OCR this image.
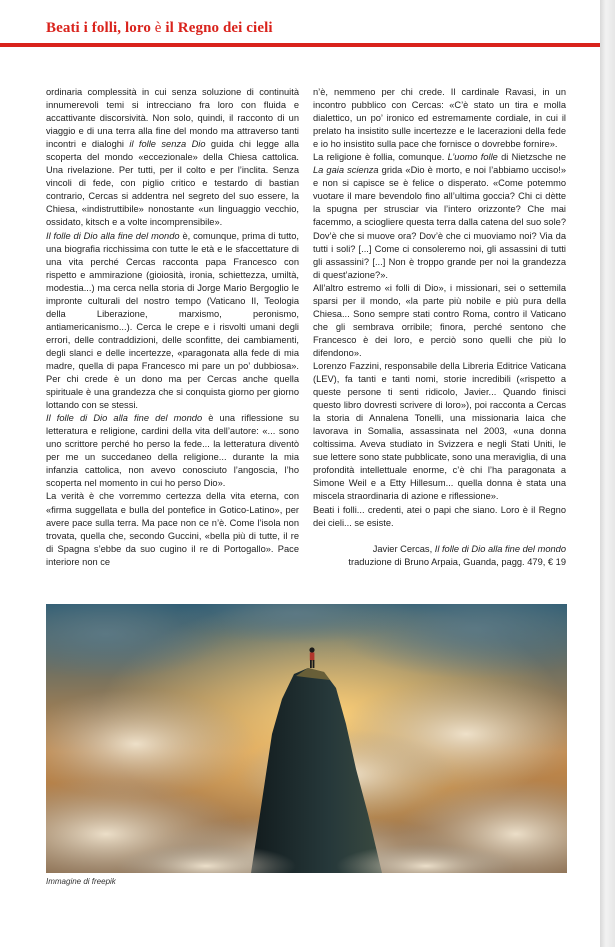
Beati i folli, loro è il Regno dei cieli

ordinaria complessità in cui senza soluzione di continuità innumerevoli temi si intrecciano fra loro con fluida e accattivante discorsività. Non solo, quindi, il racconto di un viaggio e di una terra alla fine del mondo ma attraverso tanti incontri e dialoghi il folle senza Dio guida chi legge alla scoperta del mondo «eccezionale» della Chiesa cattolica. Una rivelazione. Per tutti, per il colto e per l’inclita. Senza vincoli di fede, con piglio critico e testardo di bastian contrario, Cercas si addentra nel segreto del suo essere, la Chiesa, «indistruttibile» nonostante «un linguaggio vecchio, ossidato, kitsch e a volte incomprensibile».

Il folle di Dio alla fine del mondo è, comunque, prima di tutto, una biografia ricchissima con tutte le età e le sfaccettature di una vita perché Cercas racconta papa Francesco con rispetto e ammirazione (gioiosità, ironia, schiettezza, umiltà, modestia...) ma cerca nella storia di Jorge Mario Bergoglio le impronte culturali del nostro tempo (Vaticano II, Teologia della Liberazione, marxismo, peronismo, antiamericanismo...). Cerca le crepe e i risvolti umani degli errori, delle contraddizioni, delle sconfitte, dei cambiamenti, degli slanci e delle incertezze, «paragonata alla fede di mia madre, quella di papa Francesco mi pare un po’ dubbiosa». Per chi crede è un dono ma per Cercas anche quella spirituale è una grandezza che si conquista giorno per giorno lottando con se stessi.

Il folle di Dio alla fine del mondo è una riflessione su letteratura e religione, cardini della vita dell’autore: «... sono uno scrittore perché ho perso la fede... la letteratura diventò per me un succedaneo della religione... durante la mia infanzia cattolica, non avevo conosciuto l’angoscia, l’ho scoperta nel momento in cui ho perso Dio».

La verità è che vorremmo certezza della vita eterna, con «firma suggellata e bulla del pontefice in Gotico-Latino», per avere pace sulla terra. Ma pace non ce n’è. Come l’isola non trovata, quella che, secondo Guccini, «bella più di tutte, il re di Spagna s’ebbe da suo cugino il re di Portogallo». Pace interiore non ce

n’è, nemmeno per chi crede. Il cardinale Ravasi, in un incontro pubblico con Cercas: «C’è stato un tira e molla dialettico, un po’ ironico ed estremamente cordiale, in cui il prelato ha insistito sulle incertezze e le lacerazioni della fede e io ho insistito sulla pace che fornisce o dovrebbe fornire».

La religione è follia, comunque. L’uomo folle di Nietzsche ne La gaia scienza grida «Dio è morto, e noi l’abbiamo ucciso!» e non si capisce se è felice o disperato. «Come potemmo vuotare il mare bevendolo fino all’ultima goccia? Chi ci dètte la spugna per strusciar via l’intero orizzonte? Che mai facemmo, a sciogliere questa terra dalla catena del suo sole? Dov’è che si muove ora? Dov’è che ci muoviamo noi? Via da tutti i soli? [...] Come ci consoleremo noi, gli assassini di tutti gli assassini? [...] Non è troppo grande per noi la grandezza di quest’azione?».

All’altro estremo «i folli di Dio», i missionari, sei o settemila sparsi per il mondo, «la parte più nobile e più pura della Chiesa... Sono sempre stati contro Roma, contro il Vaticano che gli sembrava orribile; finora, perché sentono che Francesco è dei loro, e perciò sono quelli che più lo difendono».

Lorenzo Fazzini, responsabile della Libreria Editrice Vaticana (LEV), fa tanti e tanti nomi, storie incredibili («rispetto a queste persone ti senti ridicolo, Javier... Quando finisci questo libro dovresti scrivere di loro»), poi racconta a Cercas la storia di Annalena Tonelli, una missionaria laica che lavorava in Somalia, assassinata nel 2003, «una donna coltissima. Aveva studiato in Svizzera e negli Stati Uniti, le sue lettere sono state pubblicate, sono una meraviglia, di una profondità intellettuale enorme, c’è chi l’ha paragonata a Simone Weil e a Etty Hillesum... quella donna è stata una miscela straordinaria di azione e riflessione».

Beati i folli... credenti, atei o papi che siano. Loro è il Regno dei cieli... se esiste.

Javier Cercas, Il folle di Dio alla fine del mondo
traduzione di Bruno Arpaia, Guanda, pagg. 479, € 19
Immagine di freepik
